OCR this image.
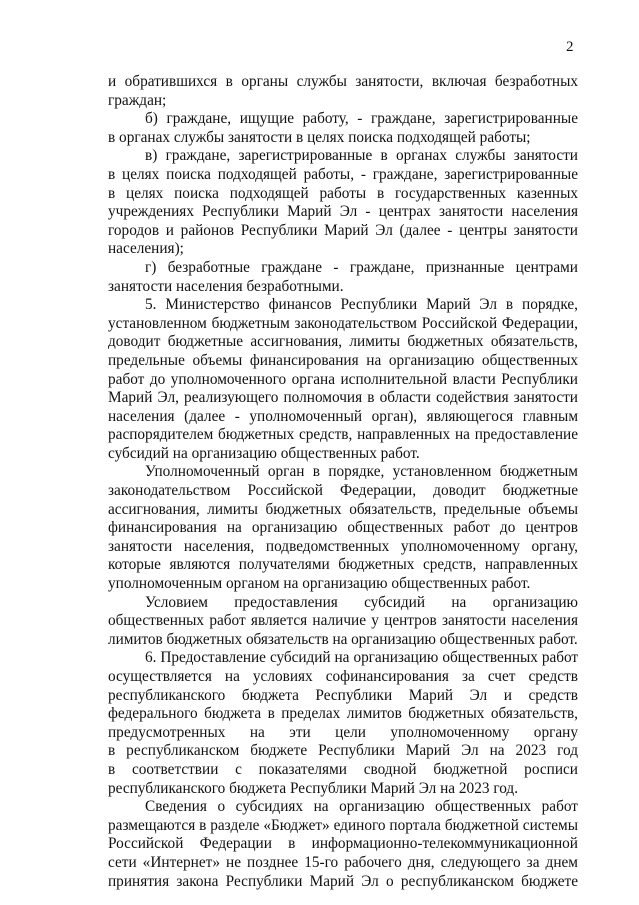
2
и обратившихся в органы службы занятости, включая безработных
граждан;
б) граждане, ищущие работу, - граждане, зарегистрированные
в органах службы занятости в целях поиска подходящей работы;
в) граждане, зарегистрированные в органах службы занятости
в целях поиска подходящей работы, - граждане, зарегистрированные
в целях поиска подходящей работы в государственных казенных
учреждениях Республики Марий Эл - центрах занятости населения
городов и районов Республики Марий Эл (далее - центры занятости
населения);
г) безработные граждане - граждане, признанные центрами
занятости населения безработными.
5. Министерство финансов Республики Марий Эл в порядке,
установленном бюджетным законодательством Российской Федерации,
доводит бюджетные ассигнования, лимиты бюджетных обязательств,
предельные объемы финансирования на организацию общественных
работ до уполномоченного органа исполнительной власти Республики
Марий Эл, реализующего полномочия в области содействия занятости
населения (далее - уполномоченный орган), являющегося главным
распорядителем бюджетных средств, направленных на предоставление
субсидий на организацию общественных работ.
Уполномоченный орган в порядке, установленном бюджетным
законодательством Российской Федерации, доводит бюджетные
ассигнования, лимиты бюджетных обязательств, предельные объемы
финансирования на организацию общественных работ до центров
занятости населения, подведомственных уполномоченному органу,
которые являются получателями бюджетных средств, направленных
уполномоченным органом на организацию общественных работ.
Условием предоставления субсидий на организацию
общественных работ является наличие у центров занятости населения
лимитов бюджетных обязательств на организацию общественных работ.
6. Предоставление субсидий на организацию общественных работ
осуществляется на условиях софинансирования за счет средств
республиканского бюджета Республики Марий Эл и средств
федерального бюджета в пределах лимитов бюджетных обязательств,
предусмотренных на эти цели уполномоченному органу
в республиканском бюджете Республики Марий Эл на 2023 год
в соответствии с показателями сводной бюджетной росписи
республиканского бюджета Республики Марий Эл на 2023 год.
Сведения о субсидиях на организацию общественных работ
размещаются в разделе «Бюджет» единого портала бюджетной системы
Российской Федерации в информационно-телекоммуникационной
сети «Интернет» не позднее 15-го рабочего дня, следующего за днем
принятия закона Республики Марий Эл о республиканском бюджете
